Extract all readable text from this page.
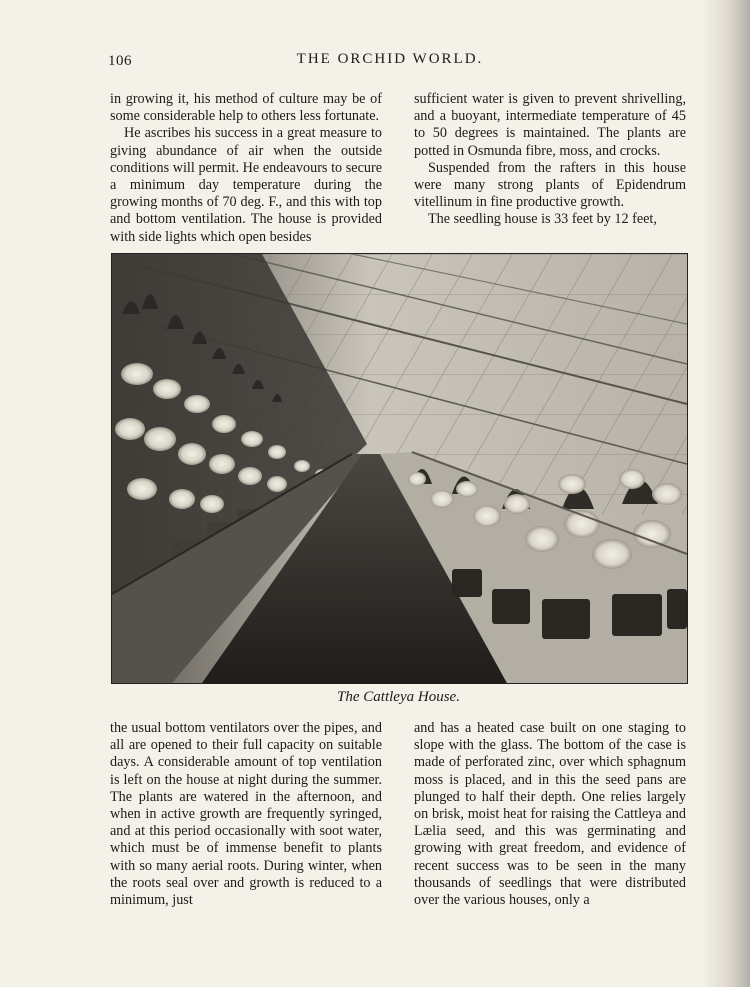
106	THE ORCHID WORLD.

in growing it, his method of culture may be of some considerable help to others less fortunate.

He ascribes his success in a great measure to giving abundance of air when the outside conditions will permit. He endeavours to secure a minimum day temperature during the growing months of 70 deg. F., and this with top and bottom ventilation. The house is provided with side lights which open besides

sufficient water is given to prevent shrivelling, and a buoyant, intermediate temperature of 45 to 50 degrees is maintained. The plants are potted in Osmunda fibre, moss, and crocks.

Suspended from the rafters in this house were many strong plants of Epidendrum vitellinum in fine productive growth.

The seedling house is 33 feet by 12 feet,

The Cattleya House.

the usual bottom ventilators over the pipes, and all are opened to their full capacity on suitable days. A considerable amount of top ventilation is left on the house at night during the summer. The plants are watered in the afternoon, and when in active growth are frequently syringed, and at this period occasionally with soot water, which must be of immense benefit to plants with so many aerial roots. During winter, when the roots seal over and growth is reduced to a minimum, just

and has a heated case built on one staging to slope with the glass. The bottom of the case is made of perforated zinc, over which sphagnum moss is placed, and in this the seed pans are plunged to half their depth. One relies largely on brisk, moist heat for raising the Cattleya and Lælia seed, and this was germinating and growing with great freedom, and evidence of recent success was to be seen in the many thousands of seedlings that were distributed over the various houses, only a
